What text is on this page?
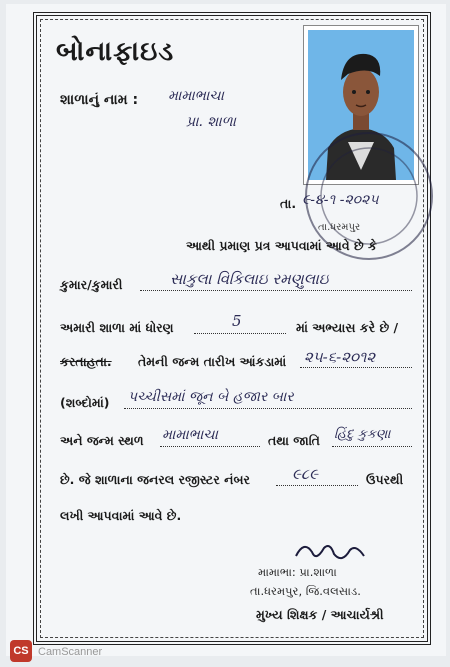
બોનાફાઇડ
શાળાનું નામ : મામાભાચા
પ્રા. શાળા
તા.ધરમપુર
તા. ૯-૪-૧ -૨૦૨૫
આથી પ્રમાણ પ્રત્ર આપવામાં આવે છે કે
કુમાર/કુમારી	સાકુલા વિકિલાઇ રમણુલાઇ
અમારી શાળા માં ધોરણ	5	માં અભ્યાસ કરે છે /
કરતાહતા. તેમની જન્મ તારીખ આંકડામાં ૨૫-૬-૨૦૧૨
(શબ્દોમાં) પચ્ચીસમાં જૂન બે હજાર બાર
અને જન્મ સ્થળ મામાભાચા	તથા જાતિ હિંદુ કુકણા
છે. જે શાળાના જનરલ રજીસ્ટર નંબર	૯૮૯	ઉપરથી
લખી આપવામાં આવે છે.
મામાભા: પ્રા.શાળા
તા.ધરમપુર, જિ.વલસાડ.
મુખ્ય શિક્ષક / આચાર્યશ્રી
CS CamScanner
